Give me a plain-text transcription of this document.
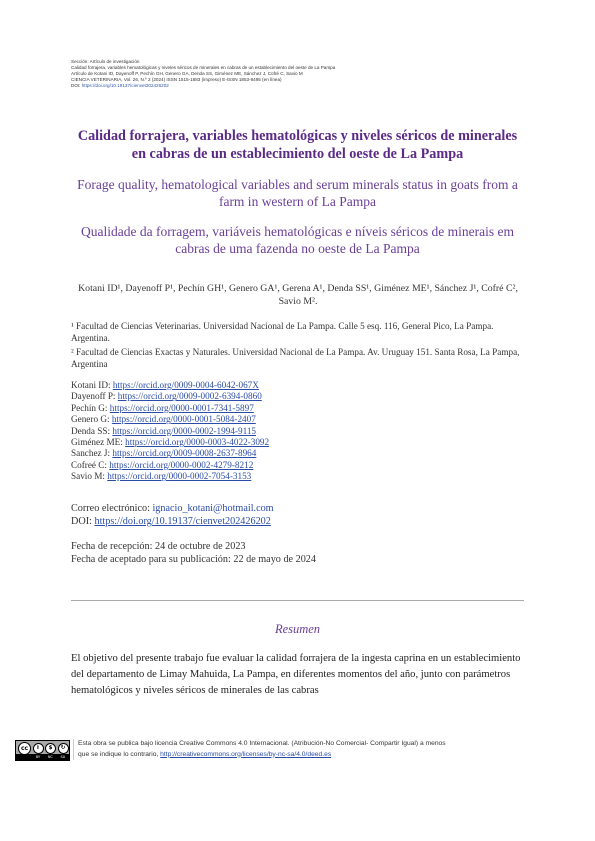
Sección: Artículo de investigación
Calidad forrajera, variables hematológicas y niveles séricos de minerales en cabras de un establecimiento del oeste de La Pampa
Artículo de Kotani ID, Dayenoff P, Pechín GH, Genero GA, Denda SS, Giménez ME, Sánchez J, Cofré C, Savio M
CIENCIA VETERINARIA, Vol. 26, N.º 2 (2024) ISSN 1515-1883 (impreso) E-ISSN 1853-8495 (en línea)
DOI: https://doi.org/10.19137/cienvet202426202
Calidad forrajera, variables hematológicas y niveles séricos de minerales en cabras de un establecimiento del oeste de La Pampa
Forage quality, hematological variables and serum minerals status in goats from a farm in western of La Pampa
Qualidade da forragem, variáveis hematológicas e níveis séricos de minerais em cabras de uma fazenda no oeste de La Pampa
Kotani ID¹, Dayenoff P¹, Pechín GH¹, Genero GA¹, Gerena A¹, Denda SS¹, Giménez ME¹, Sánchez J¹, Cofré C², Savio M².

¹ Facultad de Ciencias Veterinarias. Universidad Nacional de La Pampa. Calle 5 esq. 116, General Pico, La Pampa. Argentina.

² Facultad de Ciencias Exactas y Naturales. Universidad Nacional de La Pampa. Av. Uruguay 151. Santa Rosa, La Pampa, Argentina

Kotani ID: https://orcid.org/0009-0004-6042-067X
Dayenoff P: https://orcid.org/0009-0002-6394-0860
Pechín G: https://orcid.org/0000-0001-7341-5897
Genero G: https://orcid.org/0000-0001-5084-2407
Denda SS: https://orcid.org/0000-0002-1994-9115
Giménez ME: https://orcid.org/0000-0003-4022-3092
Sanchez J: https://orcid.org/0009-0008-2637-8964
Cofreé C: https://orcid.org/0000-0002-4279-8212
Savio M: https://orcid.org/0000-0002-7054-3153
Correo electrónico: ignacio_kotani@hotmail.com
DOI: https://doi.org/10.19137/cienvet202426202
Fecha de recepción: 24 de octubre de 2023
Fecha de aceptado para su publicación: 22 de mayo de 2024
Resumen
El objetivo del presente trabajo fue evaluar la calidad forrajera de la ingesta caprina en un establecimiento del departamento de Limay Mahuida, La Pampa, en diferentes momentos del año, junto con parámetros hematológicos y niveles séricos de minerales de las cabras
cc	i	$	↻
BY NC SA
Esta obra se publica bajo licencia Creative Commons 4.0 Internacional. (Atribución-No Comercial- Compartir Igual) a menos
que se indique lo contrario, http://creativecommons.org/licenses/by-nc-sa/4.0/deed.es
